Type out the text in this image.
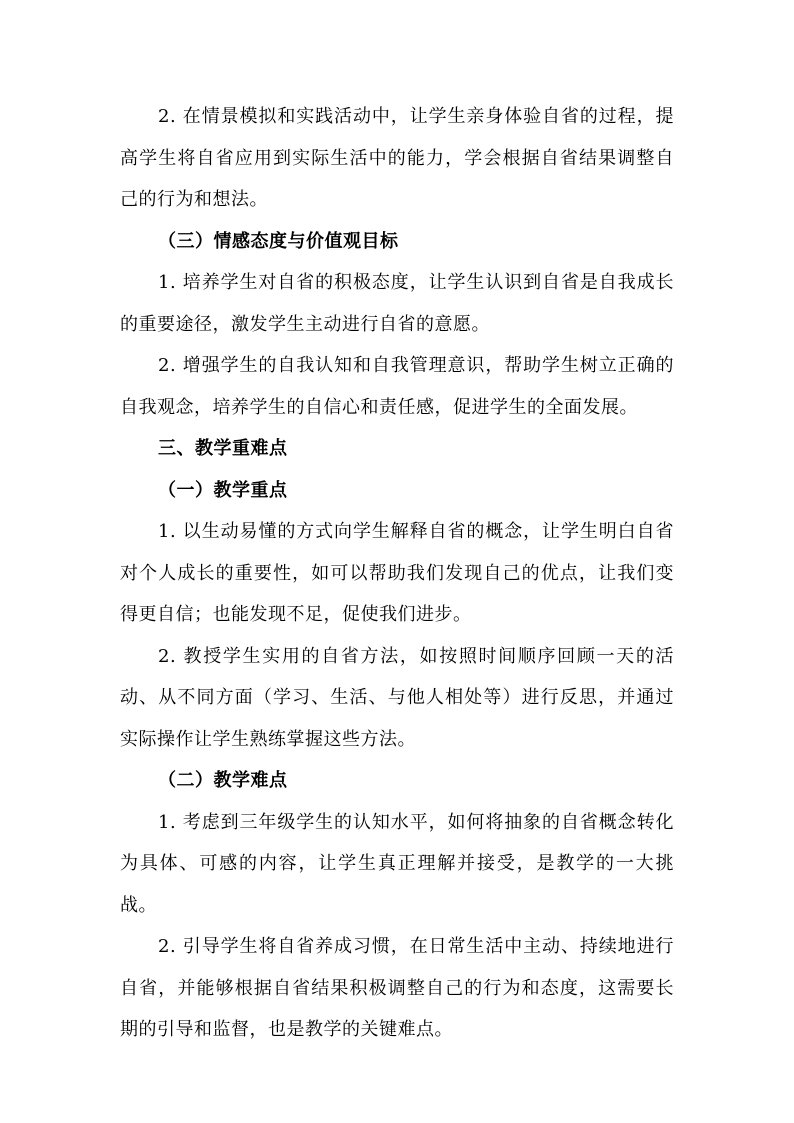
2. 在情景模拟和实践活动中，让学生亲身体验自省的过程，提高学生将自省应用到实际生活中的能力，学会根据自省结果调整自己的行为和想法。

（三）情感态度与价值观目标

1. 培养学生对自省的积极态度，让学生认识到自省是自我成长的重要途径，激发学生主动进行自省的意愿。

2. 增强学生的自我认知和自我管理意识，帮助学生树立正确的自我观念，培养学生的自信心和责任感，促进学生的全面发展。

三、教学重难点

（一）教学重点

1. 以生动易懂的方式向学生解释自省的概念，让学生明白自省对个人成长的重要性，如可以帮助我们发现自己的优点，让我们变得更自信；也能发现不足，促使我们进步。

2. 教授学生实用的自省方法，如按照时间顺序回顾一天的活动、从不同方面（学习、生活、与他人相处等）进行反思，并通过实际操作让学生熟练掌握这些方法。

（二）教学难点

1. 考虑到三年级学生的认知水平，如何将抽象的自省概念转化为具体、可感的内容，让学生真正理解并接受，是教学的一大挑战。

2. 引导学生将自省养成习惯，在日常生活中主动、持续地进行自省，并能够根据自省结果积极调整自己的行为和态度，这需要长期的引导和监督，也是教学的关键难点。
